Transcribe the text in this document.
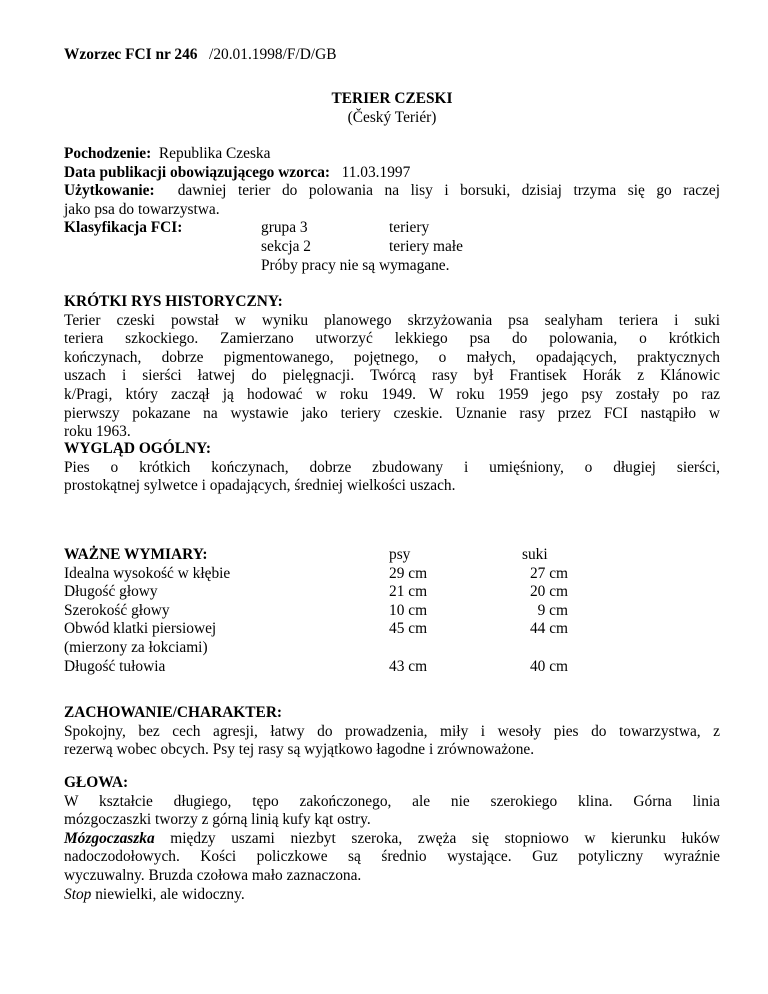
Wzorzec FCI nr 246 /20.01.1998/F/D/GB
TERIER CZESKI
(Český Teriér)
Pochodzenie: Republika Czeska
Data publikacji obowiązującego wzorca: 11.03.1997
Użytkowanie: dawniej terier do polowania na lisy i borsuki, dzisiaj trzyma się go raczej
jako psa do towarzystwa.
Klasyfikacja FCI:	grupa 3	teriery
sekcja 2	teriery małe
Próby pracy nie są wymagane.
KRÓTKI RYS HISTORYCZNY:
Terier czeski powstał w wyniku planowego skrzyżowania psa sealyham teriera i suki
teriera szkockiego. Zamierzano utworzyć lekkiego psa do polowania, o krótkich
kończynach, dobrze pigmentowanego, pojętnego, o małych, opadających, praktycznych
uszach i sierści łatwej do pielęgnacji. Twórcą rasy był Frantisek Horák z Klánowic
k/Pragi, który zaczął ją hodować w roku 1949. W roku 1959 jego psy zostały po raz
pierwszy pokazane na wystawie jako teriery czeskie. Uznanie rasy przez FCI nastąpiło w
roku 1963.
WYGLĄD OGÓLNY:
Pies o krótkich kończynach, dobrze zbudowany i umięśniony, o długiej sierści,
prostokątnej sylwetce i opadających, średniej wielkości uszach.
WAŻNE WYMIARY:	psy	suki
Idealna wysokość w kłębie	29 cm	27 cm
Długość głowy	21 cm	20 cm
Szerokość głowy	10 cm	9 cm
Obwód klatki piersiowej	45 cm	44 cm
(mierzony za łokciami)
Długość tułowia	43 cm	40 cm
ZACHOWANIE/CHARAKTER:
Spokojny, bez cech agresji, łatwy do prowadzenia, miły i wesoły pies do towarzystwa, z
rezerwą wobec obcych. Psy tej rasy są wyjątkowo łagodne i zrównoważone.
GŁOWA:
W kształcie długiego, tępo zakończonego, ale nie szerokiego klina. Górna linia
mózgoczaszki tworzy z górną linią kufy kąt ostry.
Mózgoczaszka między uszami niezbyt szeroka, zwęża się stopniowo w kierunku łuków
nadoczodołowych. Kości policzkowe są średnio wystające. Guz potyliczny wyraźnie
wyczuwalny. Bruzda czołowa mało zaznaczona.
Stop niewielki, ale widoczny.
